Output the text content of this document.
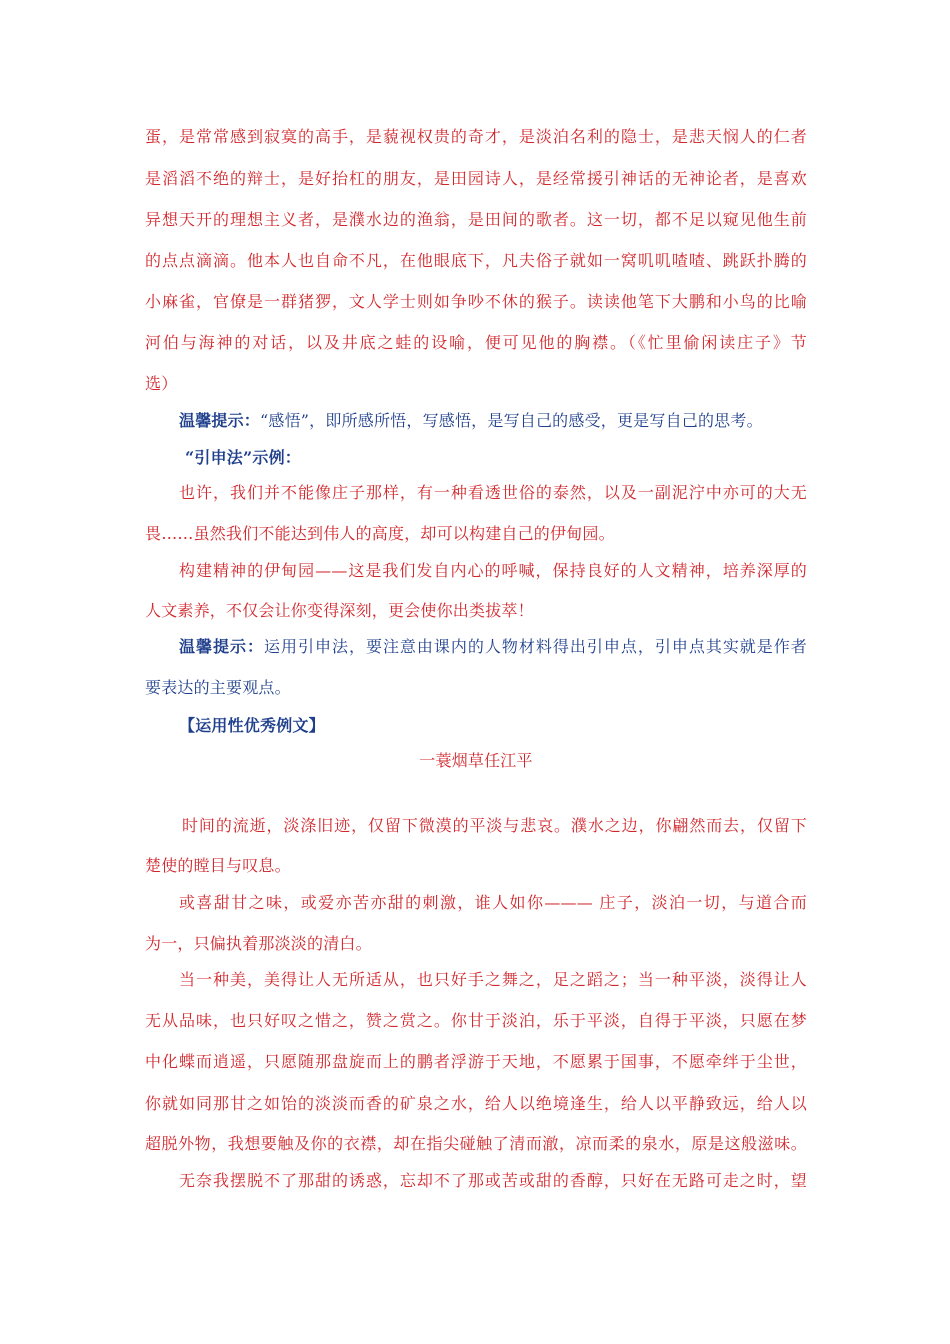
蛋，是常常感到寂寞的高手，是藐视权贵的奇才，是淡泊名利的隐士，是悲天悯人的仁者
是滔滔不绝的辩士，是好抬杠的朋友，是田园诗人，是经常援引神话的无神论者，是喜欢
异想天开的理想主义者，是濮水边的渔翁，是田间的歌者。这一切，都不足以窥见他生前
的点点滴滴。他本人也自命不凡，在他眼底下，凡夫俗子就如一窝叽叽喳喳、跳跃扑腾的
小麻雀，官僚是一群猪猡，文人学士则如争吵不休的猴子。读读他笔下大鹏和小鸟的比喻
河伯与海神的对话，以及井底之蛙的设喻，便可见他的胸襟。（《忙里偷闲读庄子》节
选）
温馨提示：“感悟”，即所感所悟，写感悟，是写自己的感受，更是写自己的思考。
“引申法”示例：
也许，我们并不能像庄子那样，有一种看透世俗的泰然，以及一副泥泞中亦可的大无
畏……虽然我们不能达到伟人的高度，却可以构建自己的伊甸园。
构建精神的伊甸园——这是我们发自内心的呼喊，保持良好的人文精神，培养深厚的
人文素养，不仅会让你变得深刻，更会使你出类拔萃！
温馨提示：运用引申法，要注意由课内的人物材料得出引申点，引申点其实就是作者
要表达的主要观点。
【运用性优秀例文】
一蓑烟草任江平
时间的流逝，淡涤旧迹，仅留下微漠的平淡与悲哀。濮水之边，你翩然而去，仅留下
楚使的瞠目与叹息。
或喜甜甘之味，或爱亦苦亦甜的刺激，谁人如你——— 庄子，淡泊一切，与道合而
为一，只偏执着那淡淡的清白。
当一种美，美得让人无所适从，也只好手之舞之，足之蹈之；当一种平淡，淡得让人
无从品味，也只好叹之惜之，赞之赏之。你甘于淡泊，乐于平淡，自得于平淡，只愿在梦
中化蝶而逍遥，只愿随那盘旋而上的鹏者浮游于天地，不愿累于国事，不愿牵绊于尘世，
你就如同那甘之如饴的淡淡而香的矿泉之水，给人以绝境逢生，给人以平静致远，给人以
超脱外物，我想要触及你的衣襟，却在指尖碰触了清而澈，凉而柔的泉水，原是这般滋味。
无奈我摆脱不了那甜的诱惑，忘却不了那或苦或甜的香醇，只好在无路可走之时，望
